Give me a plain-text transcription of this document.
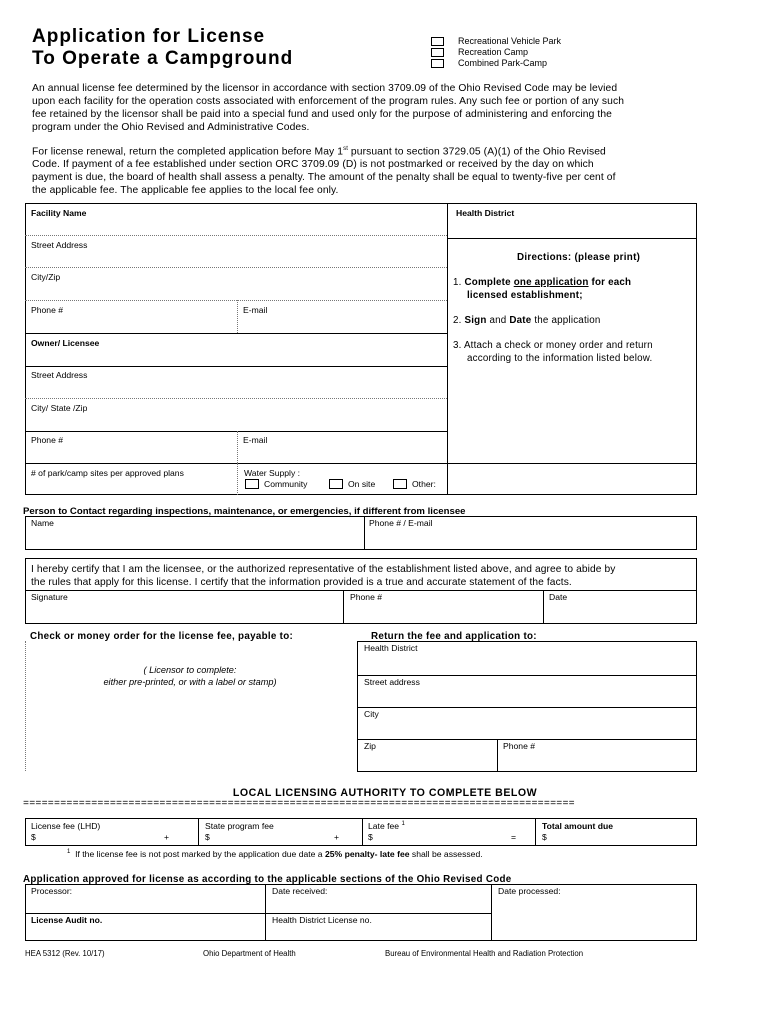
Application for License
To Operate a Campground
Recreational Vehicle Park
Recreation Camp
Combined Park-Camp
An annual license fee determined by the licensor in accordance with section 3709.09 of the Ohio Revised Code may be levied
upon each facility for the operation costs associated with enforcement of the program rules. Any such fee or portion of any such
fee retained by the licensor shall be paid into a special fund and used only for the purpose of administering and enforcing the
program under the Ohio Revised and Administrative Codes.
For license renewal, return the completed application before May 1st pursuant to section 3729.05 (A)(1) of the Ohio Revised
Code. If payment of a fee established under section ORC 3709.09 (D) is not postmarked or received by the day on which
payment is due, the board of health shall assess a penalty. The amount of the penalty shall be equal to twenty-five per cent of
the applicable fee. The applicable fee applies to the local fee only.
Facility Name	Health District
Street Address
City/Zip
Phone #	E-mail
Owner/ Licensee
Street Address
City/ State /Zip
Phone #	E-mail
# of park/camp sites per approved plans	Water Supply :
Community	On site	Other:
Directions: (please print)
1. Complete one application for each
licensed establishment;
2. Sign and Date the application
3. Attach a check or money order and return
according to the information listed below.
Person to Contact regarding inspections, maintenance, or emergencies, if different from licensee
Name	Phone # / E-mail
I hereby certify that I am the licensee, or the authorized representative of the establishment listed above, and agree to abide by
the rules that apply for this license. I certify that the information provided is a true and accurate statement of the facts.
Signature	Phone #	Date
Check or money order for the license fee, payable to:	Return the fee and application to:
( Licensor to complete:
either pre-printed, or with a label or stamp)
Health District
Street address
City
Zip	Phone #
LOCAL LICENSING AUTHORITY TO COMPLETE BELOW
=========================================================================================
License fee (LHD)
$	+
State program fee
$	+
Late fee $^1$
$	=
Total amount due
$
$^1$ If the license fee is not post marked by the application due date a 25% penalty- late fee shall be assessed.
Application approved for license as according to the applicable sections of the Ohio Revised Code
Processor:	Date received:	Date processed:
License Audit no.	Health District License no.
HEA 5312 (Rev. 10/17)	Ohio Department of Health	Bureau of Environmental Health and Radiation Protection
